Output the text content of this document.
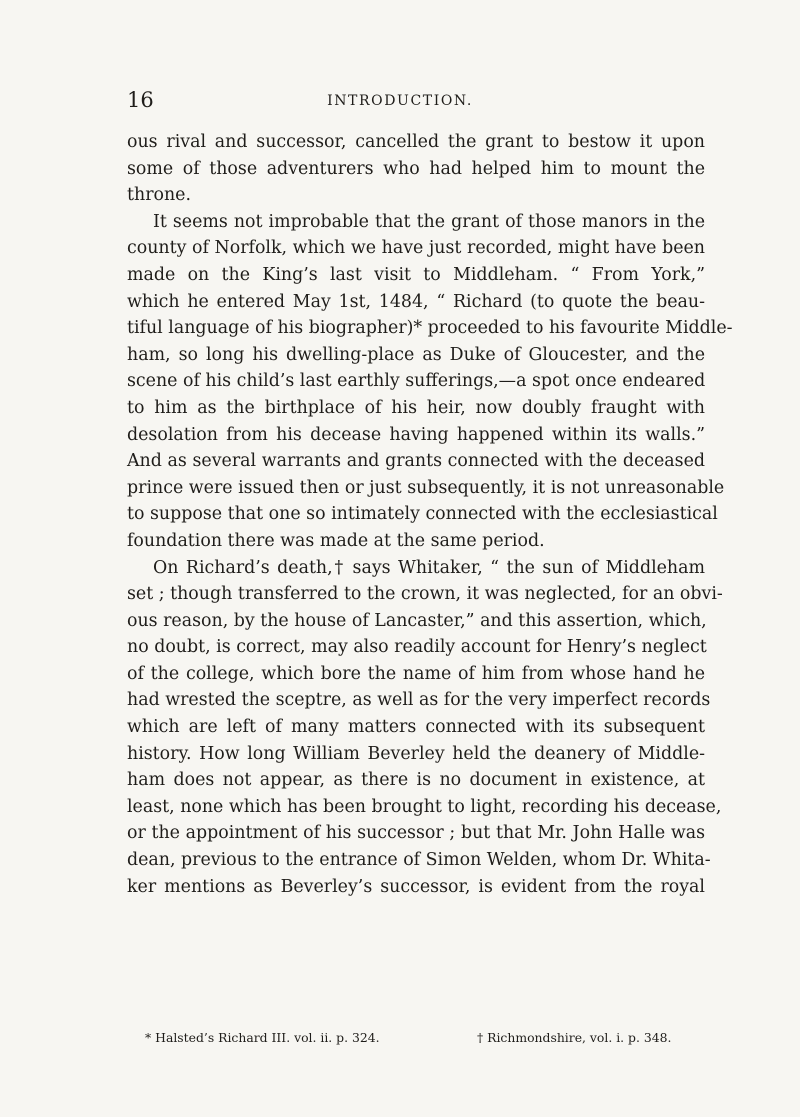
16	INTRODUCTION.
ous rival and successor, cancelled the grant to bestow it upon
some of those adventurers who had helped him to mount the
throne.
It seems not improbable that the grant of those manors in the
county of Norfolk, which we have just recorded, might have been
made on the King’s last visit to Middleham. “ From York,”
which he entered May 1st, 1484, “ Richard (to quote the beau-
tiful language of his biographer)* proceeded to his favourite Middle-
ham, so long his dwelling-place as Duke of Gloucester, and the
scene of his child’s last earthly sufferings,—a spot once endeared
to him as the birthplace of his heir, now doubly fraught with
desolation from his decease having happened within its walls.”
And as several warrants and grants connected with the deceased
prince were issued then or just subsequently, it is not unreasonable
to suppose that one so intimately connected with the ecclesiastical
foundation there was made at the same period.
On Richard’s death,† says Whitaker, “ the sun of Middleham
set ; though transferred to the crown, it was neglected, for an obvi-
ous reason, by the house of Lancaster,” and this assertion, which,
no doubt, is correct, may also readily account for Henry’s neglect
of the college, which bore the name of him from whose hand he
had wrested the sceptre, as well as for the very imperfect records
which are left of many matters connected with its subsequent
history. How long William Beverley held the deanery of Middle-
ham does not appear, as there is no document in existence, at
least, none which has been brought to light, recording his decease,
or the appointment of his successor ; but that Mr. John Halle was
dean, previous to the entrance of Simon Welden, whom Dr. Whita-
ker mentions as Beverley’s successor, is evident from the royal
* Halsted’s Richard III. vol. ii. p. 324.	† Richmondshire, vol. i. p. 348.
